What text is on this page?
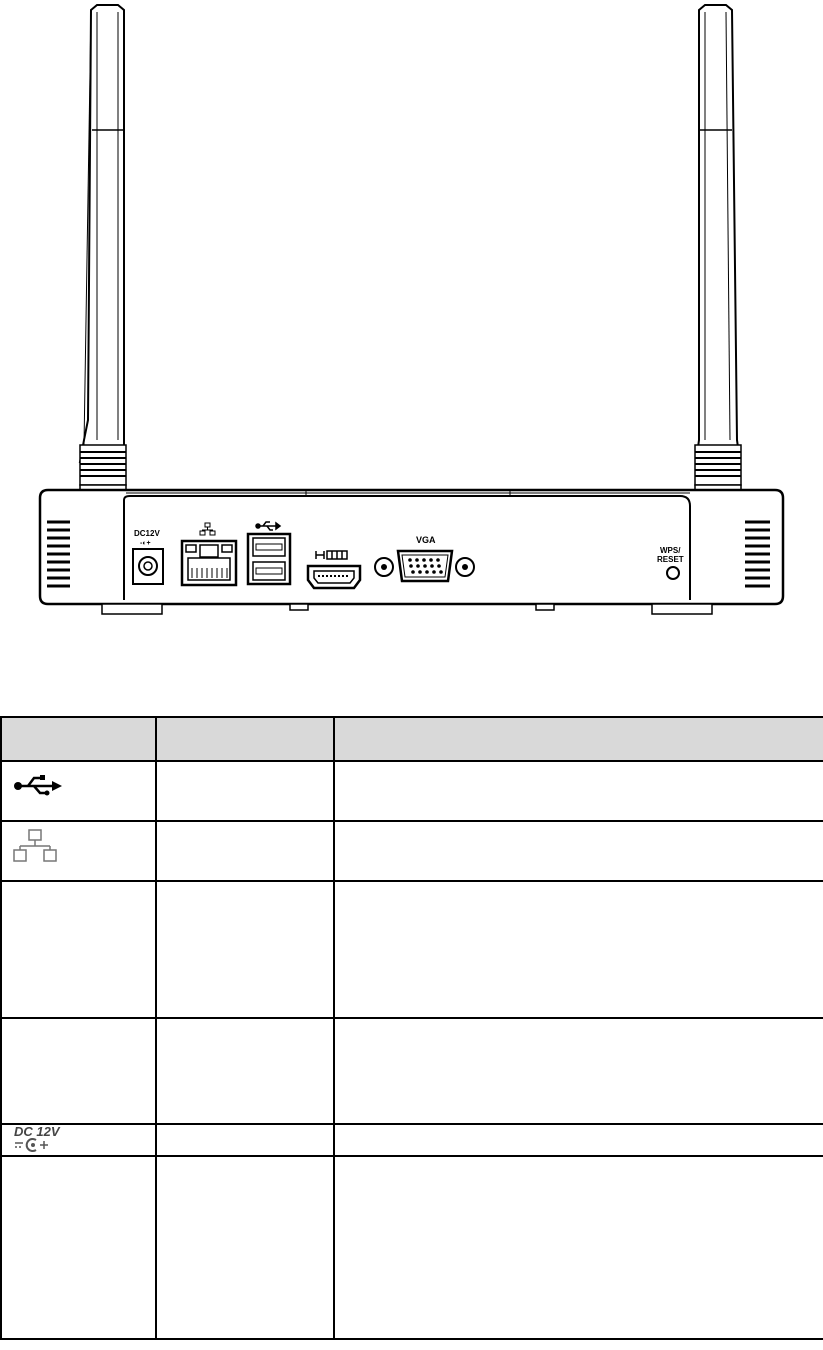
DC12V
-◐+	VGA
WPS/
RESET

DC 12V		
